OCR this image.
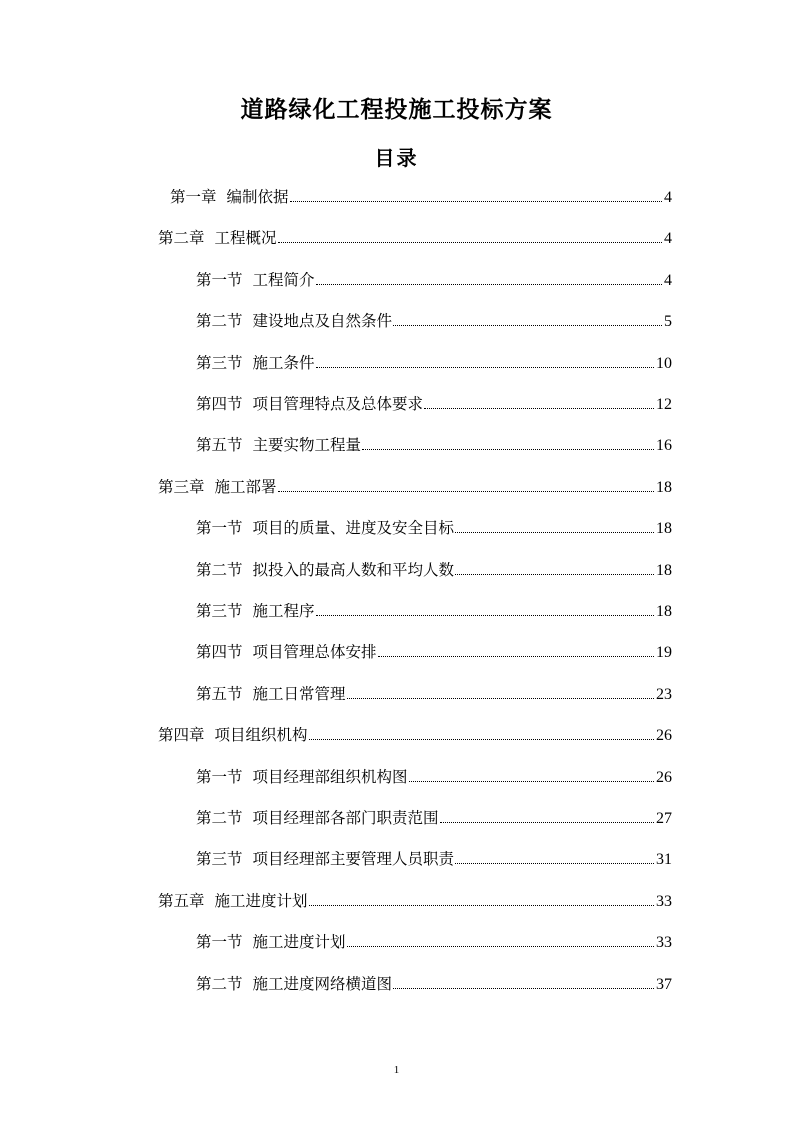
道路绿化工程投施工投标方案
目录
第一章 编制依据	4
第二章 工程概况	4
第一节 工程简介	4
第二节 建设地点及自然条件	5
第三节 施工条件	10
第四节 项目管理特点及总体要求	12
第五节 主要实物工程量	16
第三章 施工部署	18
第一节 项目的质量、进度及安全目标	18
第二节 拟投入的最高人数和平均人数	18
第三节 施工程序	18
第四节 项目管理总体安排	19
第五节 施工日常管理	23
第四章 项目组织机构	26
第一节 项目经理部组织机构图	26
第二节 项目经理部各部门职责范围	27
第三节 项目经理部主要管理人员职责	31
第五章 施工进度计划	33
第一节 施工进度计划	33
第二节 施工进度网络横道图	37
1
